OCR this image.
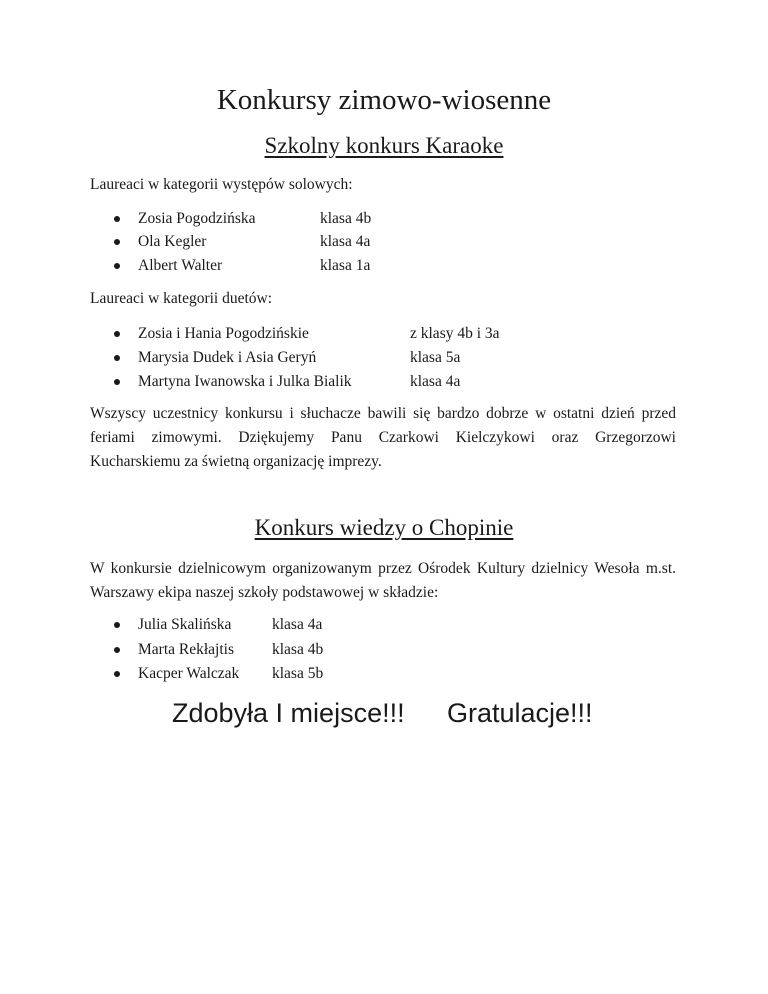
Konkursy zimowo-wiosenne
Szkolny konkurs Karaoke
Laureaci w kategorii występów solowych:
Zosia Pogodzińska	klasa 4b
Ola Kegler	klasa 4a
Albert Walter	klasa 1a
Laureaci w kategorii duetów:
Zosia i Hania Pogodzińskie	z klasy 4b i 3a
Marysia Dudek i Asia Geryń	klasa 5a
Martyna Iwanowska i Julka Bialik	klasa 4a
Wszyscy uczestnicy konkursu i słuchacze bawili się bardzo dobrze w ostatni dzień przed feriami zimowymi. Dziękujemy Panu Czarkowi Kielczykowi oraz Grzegorzowi Kucharskiemu za świetną organizację imprezy.
Konkurs wiedzy o Chopinie
W konkursie dzielnicowym organizowanym przez Ośrodek Kultury dzielnicy Wesoła m.st. Warszawy ekipa naszej szkoły podstawowej w składzie:
Julia Skalińska	klasa 4a
Marta Rekłajtis klasa 4b
Kacper Walczak klasa 5b
Zdobyła I miejsce!!! Gratulacje!!!
